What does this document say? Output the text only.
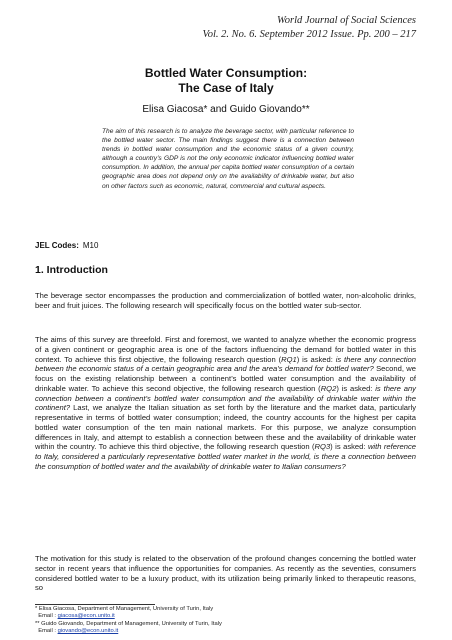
World Journal of Social Sciences
Vol. 2. No. 6. September 2012 Issue. Pp. 200 – 217
Bottled Water Consumption:
The Case of Italy
Elisa Giacosa* and Guido Giovando**
The aim of this research is to analyze the beverage sector, with particular reference to the bottled water sector. The main findings suggest there is a connection between trends in bottled water consumption and the economic status of a given country, although a country’s GDP is not the only economic indicator influencing bottled water consumption. In addition, the annual per capita bottled water consumption of a certain geographic area does not depend only on the availability of drinkable water, but also on other factors such as economic, natural, commercial and cultural aspects.
JEL Codes: M10
1. Introduction
The beverage sector encompasses the production and commercialization of bottled water, non-alcoholic drinks, beer and fruit juices. The following research will specifically focus on the bottled water sub-sector.
The aims of this survey are threefold. First and foremost, we wanted to analyze whether the economic progress of a given continent or geographic area is one of the factors influencing the demand for bottled water in this context. To achieve this first objective, the following research question (RQ1) is asked: is there any connection between the economic status of a certain geographic area and the area’s demand for bottled water? Second, we focus on the existing relationship between a continent’s bottled water consumption and the availability of drinkable water. To achieve this second objective, the following research question (RQ2) is asked: is there any connection between a continent’s bottled water consumption and the availability of drinkable water within the continent? Last, we analyze the Italian situation as set forth by the literature and the market data, particularly representative in terms of bottled water consumption; indeed, the country accounts for the highest per capita bottled water consumption of the ten main national markets. For this purpose, we analyze consumption differences in Italy, and attempt to establish a connection between these and the availability of drinkable water within the country. To achieve this third objective, the following research question (RQ3) is asked: with reference to Italy, considered a particularly representative bottled water market in the world, is there a connection between the consumption of bottled water and the availability of drinkable water to Italian consumers?
The motivation for this study is related to the observation of the profound changes concerning the bottled water sector in recent years that influence the opportunities for companies. As recently as the seventies, consumers considered bottled water to be a luxury product, with its utilization being primarily linked to therapeutic reasons, so
* Elisa Giacosa, Department of Management, University of Turin, Italy
Email : giacosa@econ.unito.it
** Guido Giovando, Department of Management, University of Turin, Italy
Email : giovando@econ.unito.it
